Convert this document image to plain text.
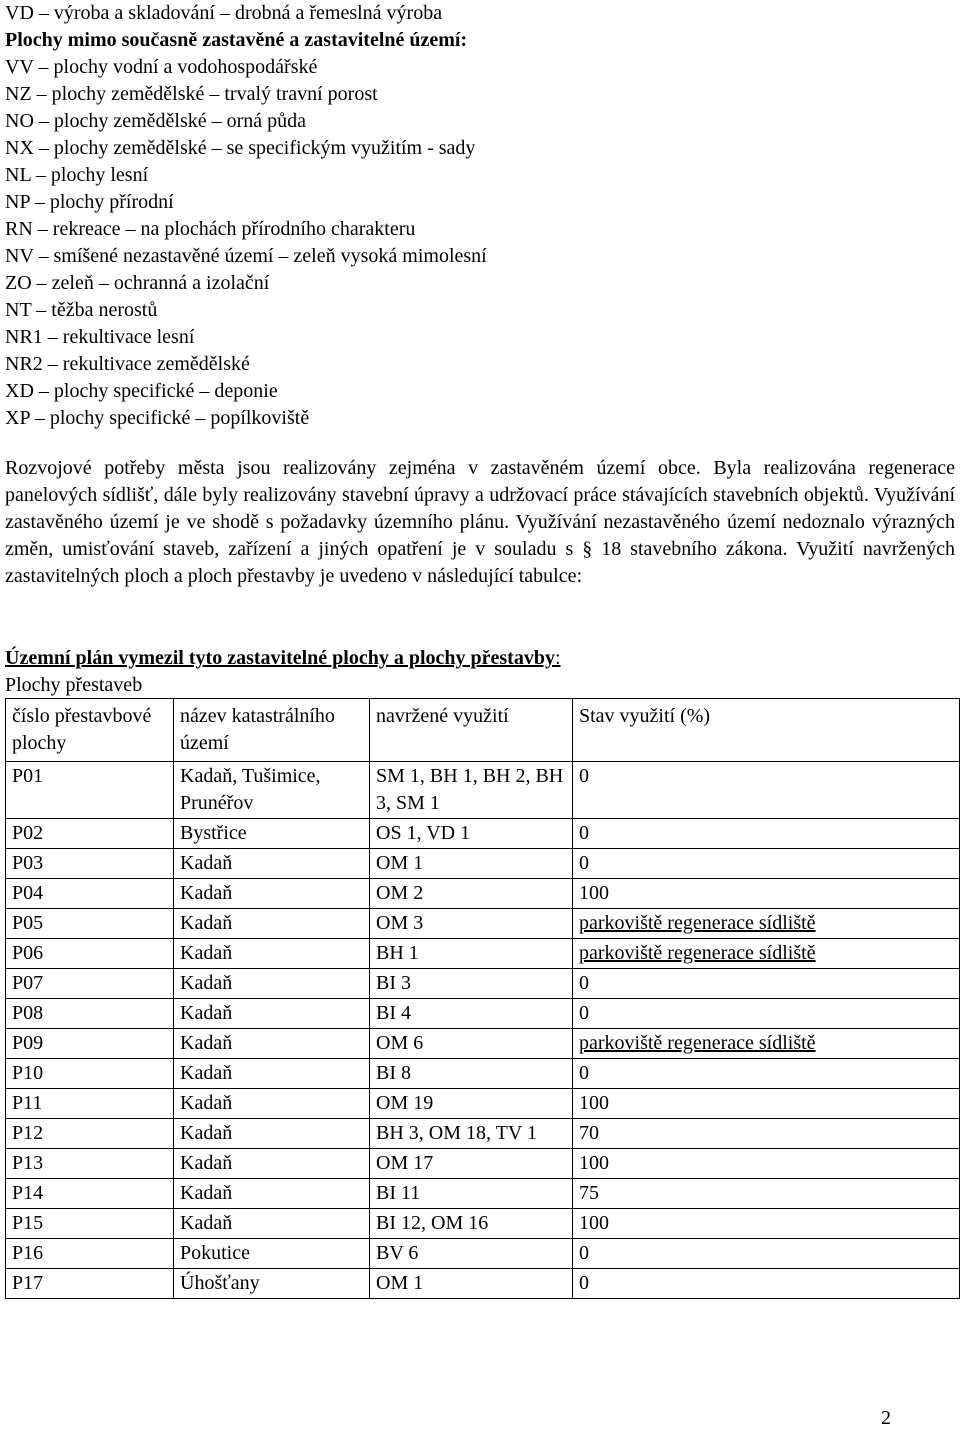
VD – výroba a skladování – drobná a řemeslná výroba
Plochy mimo současně zastavěné a zastavitelné území:
VV – plochy vodní a vodohospodářské
NZ – plochy zemědělské – trvalý travní porost
NO – plochy zemědělské – orná půda
NX – plochy zemědělské – se specifickým využitím - sady
NL – plochy lesní
NP – plochy přírodní
RN – rekreace – na plochách přírodního charakteru
NV – smíšené nezastavěné území – zeleň vysoká mimolesní
ZO – zeleň – ochranná a izolační
NT – těžba nerostů
NR1 – rekultivace lesní
NR2 – rekultivace zemědělské
XD – plochy specifické – deponie
XP – plochy specifické – popílkoviště

Rozvojové potřeby města jsou realizovány zejména v zastavěném území obce. Byla realizována regenerace panelových sídlišť, dále byly realizovány stavební úpravy a udržovací práce stávajících stavebních objektů. Využívání zastavěného území je ve shodě s požadavky územního plánu. Využívání nezastavěného území nedoznalo výrazných změn, umisťování staveb, zařízení a jiných opatření je v souladu s § 18 stavebního zákona. Využití navržených zastavitelných ploch a ploch přestavby je uvedeno v následující tabulce:

Územní plán vymezil tyto zastavitelné plochy a plochy přestavby:
Plochy přestaveb
číslo přestavbové plochy	název katastrálního území	navržené využití	Stav využití (%)
P01	Kadaň, Tušimice, Prunéřov	SM 1, BH 1, BH 2, BH 3, SM 1	0
P02	Bystřice	OS 1, VD 1	0
P03	Kadaň	OM 1	0
P04	Kadaň	OM 2	100
P05	Kadaň	OM 3	parkoviště regenerace sídliště
P06	Kadaň	BH 1	parkoviště regenerace sídliště
P07	Kadaň	BI 3	0
P08	Kadaň	BI 4	0
P09	Kadaň	OM 6	parkoviště regenerace sídliště
P10	Kadaň	BI 8	0
P11	Kadaň	OM 19	100
P12	Kadaň	BH 3, OM 18, TV 1	70
P13	Kadaň	OM 17	100
P14	Kadaň	BI 11	75
P15	Kadaň	BI 12, OM 16	100
P16	Pokutice	BV 6	0
P17	Úhošťany	OM 1	0
2
